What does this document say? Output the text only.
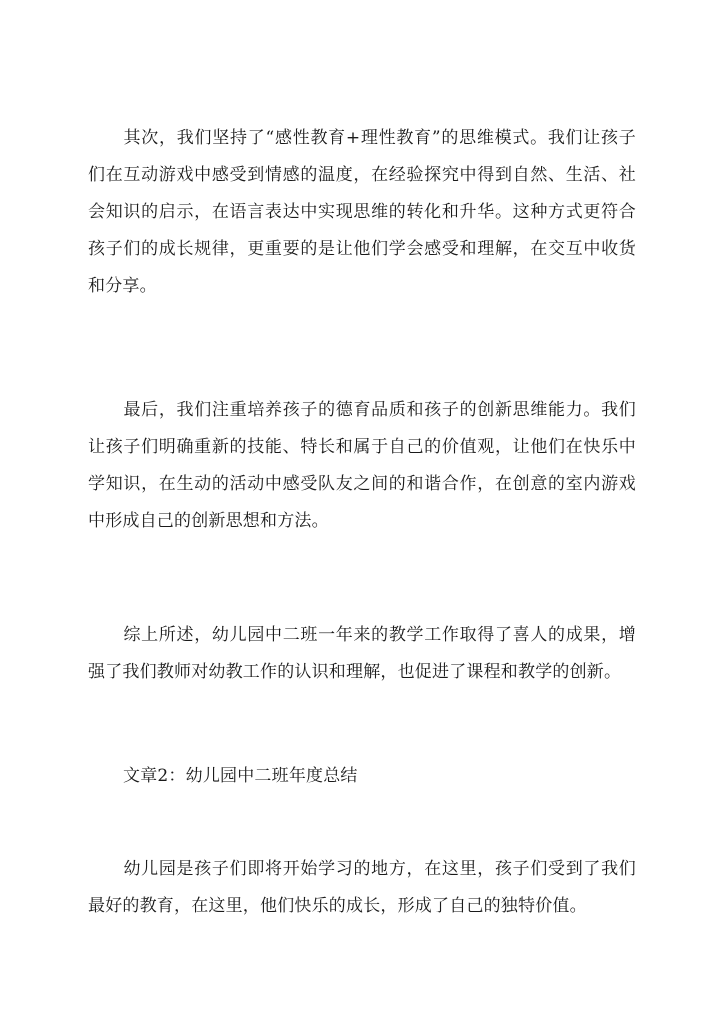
其次，我们坚持了“感性教育+理性教育”的思维模式。我们让孩子们在互动游戏中感受到情感的温度，在经验探究中得到自然、生活、社会知识的启示，在语言表达中实现思维的转化和升华。这种方式更符合孩子们的成长规律，更重要的是让他们学会感受和理解，在交互中收货和分享。

最后，我们注重培养孩子的德育品质和孩子的创新思维能力。我们让孩子们明确重新的技能、特长和属于自己的价值观，让他们在快乐中学知识，在生动的活动中感受队友之间的和谐合作，在创意的室内游戏中形成自己的创新思想和方法。

综上所述，幼儿园中二班一年来的教学工作取得了喜人的成果，增强了我们教师对幼教工作的认识和理解，也促进了课程和教学的创新。

文章2：幼儿园中二班年度总结

幼儿园是孩子们即将开始学习的地方，在这里，孩子们受到了我们最好的教育，在这里，他们快乐的成长，形成了自己的独特价值。
